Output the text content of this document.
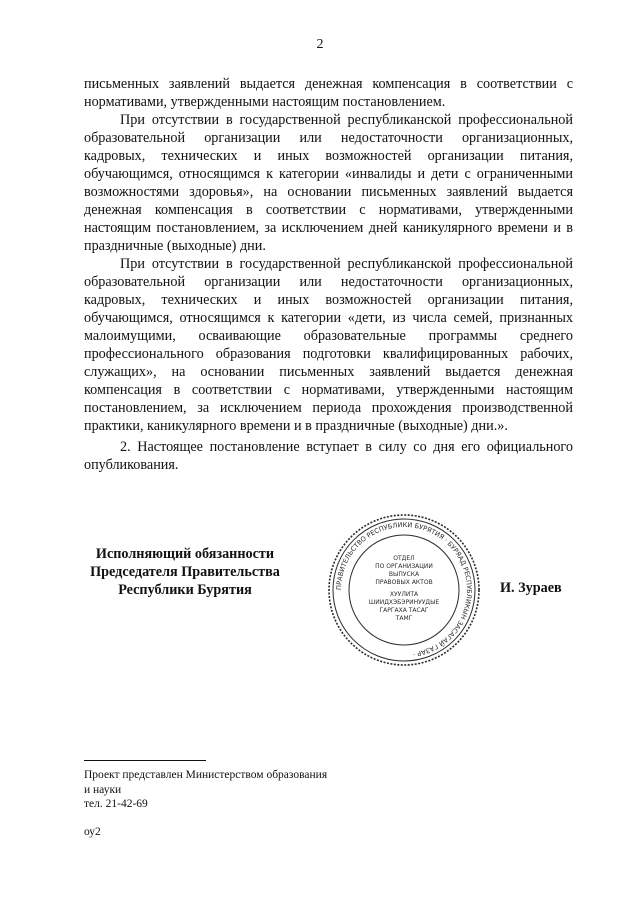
2

письменных заявлений выдается денежная компенсация в соответствии с нормативами, утвержденными настоящим постановлением.

При отсутствии в государственной республиканской профессиональной образовательной организации или недостаточности организационных, кадровых, технических и иных возможностей организации питания, обучающимся, относящимся к категории «инвалиды и дети с ограниченными возможностями здоровья», на основании письменных заявлений выдается денежная компенсация в соответствии с нормативами, утвержденными настоящим постановлением, за исключением дней каникулярного времени и в праздничные (выходные) дни.

При отсутствии в государственной республиканской профессиональной образовательной организации или недостаточности организационных, кадровых, технических и иных возможностей организации питания, обучающимся, относящимся к категории «дети, из числа семей, признанных малоимущими, осваивающие образовательные программы среднего профессионального образования подготовки квалифицированных рабочих, служащих», на основании письменных заявлений выдается денежная компенсация в соответствии с нормативами, утвержденными настоящим постановлением, за исключением периода прохождения производственной практики, каникулярного времени и в праздничные (выходные) дни.».

2. Настоящее постановление вступает в силу со дня его официального опубликования.

Исполняющий обязанности
Председателя Правительства
Республики Бурятия	ПРАВИТЕЛЬСТВО РЕСПУБЛИКИ БУРЯТИЯ · БУРЯАД РЕСПУБЛИКЫН ЗАСАГАЙ ГАЗАР ·
ОТДЕЛ
ПО ОРГАНИЗАЦИИ
ВЫПУСКА
ПРАВОВЫХ АКТОВ
ХУУЛИТА
ШИИДХЭБЭРИНУУДЫЕ
ГАРГАХА ТАСАГ
ТАМГ
И. Зураев
Проект представлен Министерством образования
и науки
тел. 21-42-69
оу2
